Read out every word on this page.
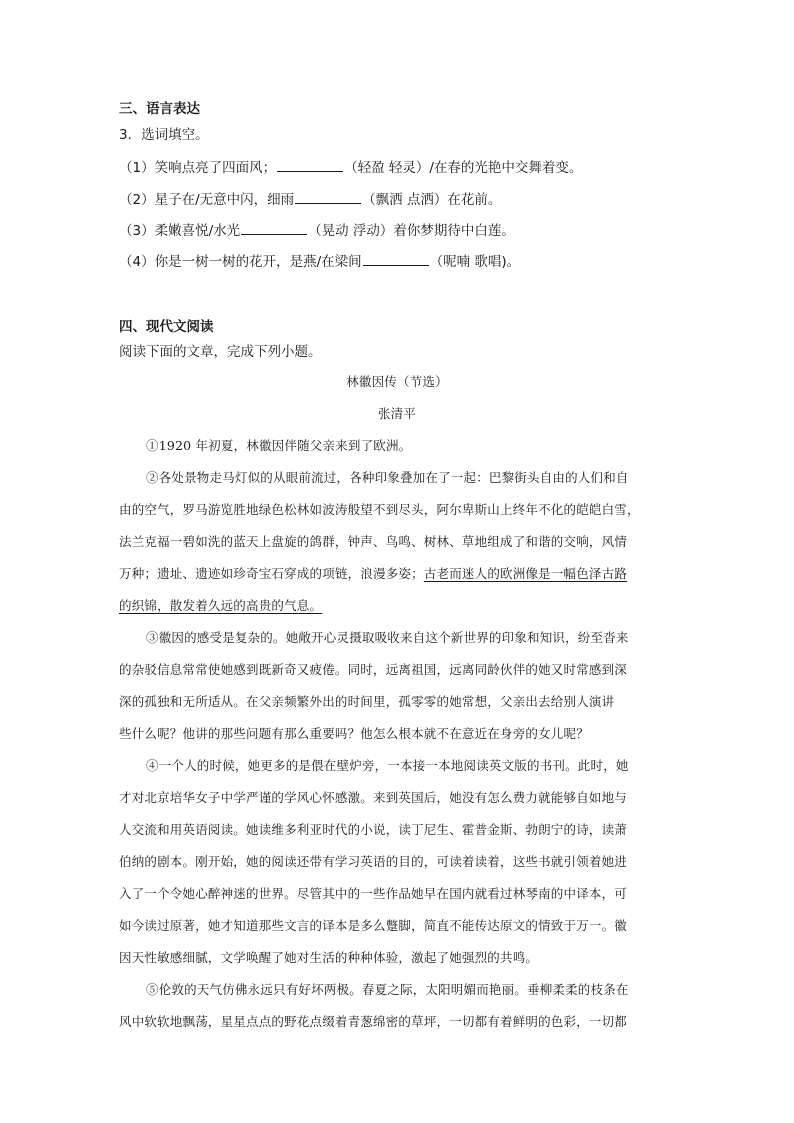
三、语言表达
3．选词填空。
（1）笑响点亮了四面风；	（轻盈 轻灵）/在春的光艳中交舞着变。
（2）星子在/无意中闪，细雨	（飘洒 点洒）在花前。
（3）柔嫩喜悦/水光	（晃动 浮动）着你梦期待中白莲。
（4）你是一树一树的花开，是燕/在梁间	（呢喃 歌唱)。
四、现代文阅读
阅读下面的文章，完成下列小题。
林徽因传（节选）
张清平
①1920 年初夏，林徽因伴随父亲来到了欧洲。
②各处景物走马灯似的从眼前流过，各种印象叠加在了一起：巴黎街头自由的人们和自
由的空气，罗马游览胜地绿色松林如波涛般望不到尽头，阿尔卑斯山上终年不化的皑皑白雪，
法兰克福一碧如洗的蓝天上盘旋的鸽群，钟声、鸟鸣、树林、草地组成了和谐的交响，风情
万种；遗址、遗迹如珍奇宝石穿成的项链，浪漫多姿；古老而迷人的欧洲像是一幅色泽古路
的织锦，散发着久远的高贵的气息。
③徽因的感受是复杂的。她敞开心灵摄取吸收来自这个新世界的印象和知识，纷至沓来
的杂驳信息常常使她感到既新奇又疲倦。同时，远离祖国，远离同龄伙伴的她又时常感到深
深的孤独和无所适从。在父亲频繁外出的时间里，孤零零的她常想，父亲出去给别人演讲
些什么呢？他讲的那些问题有那么重要吗？他怎么根本就不在意近在身旁的女儿呢？
④一个人的时候，她更多的是偎在壁炉旁，一本接一本地阅读英文版的书刊。此时，她
才对北京培华女子中学严谨的学风心怀感激。来到英国后，她没有怎么费力就能够自如地与
人交流和用英语阅读。她读维多利亚时代的小说，读丁尼生、霍普金斯、勃朗宁的诗，读萧
伯纳的剧本。刚开始，她的阅读还带有学习英语的目的，可读着读着，这些书就引领着她进
入了一个令她心醉神迷的世界。尽管其中的一些作品她早在国内就看过林琴南的中译本，可
如今读过原著，她才知道那些文言的译本是多么蹩脚，简直不能传达原文的情致于万一。徽
因天性敏感细腻，文学唤醒了她对生活的种种体验，激起了她强烈的共鸣。
⑤伦敦的天气仿佛永远只有好坏两极。春夏之际，太阳明媚而艳丽。垂柳柔柔的枝条在
风中软软地飘荡，星星点点的野花点缀着青葱绵密的草坪，一切都有着鲜明的色彩，一切都
